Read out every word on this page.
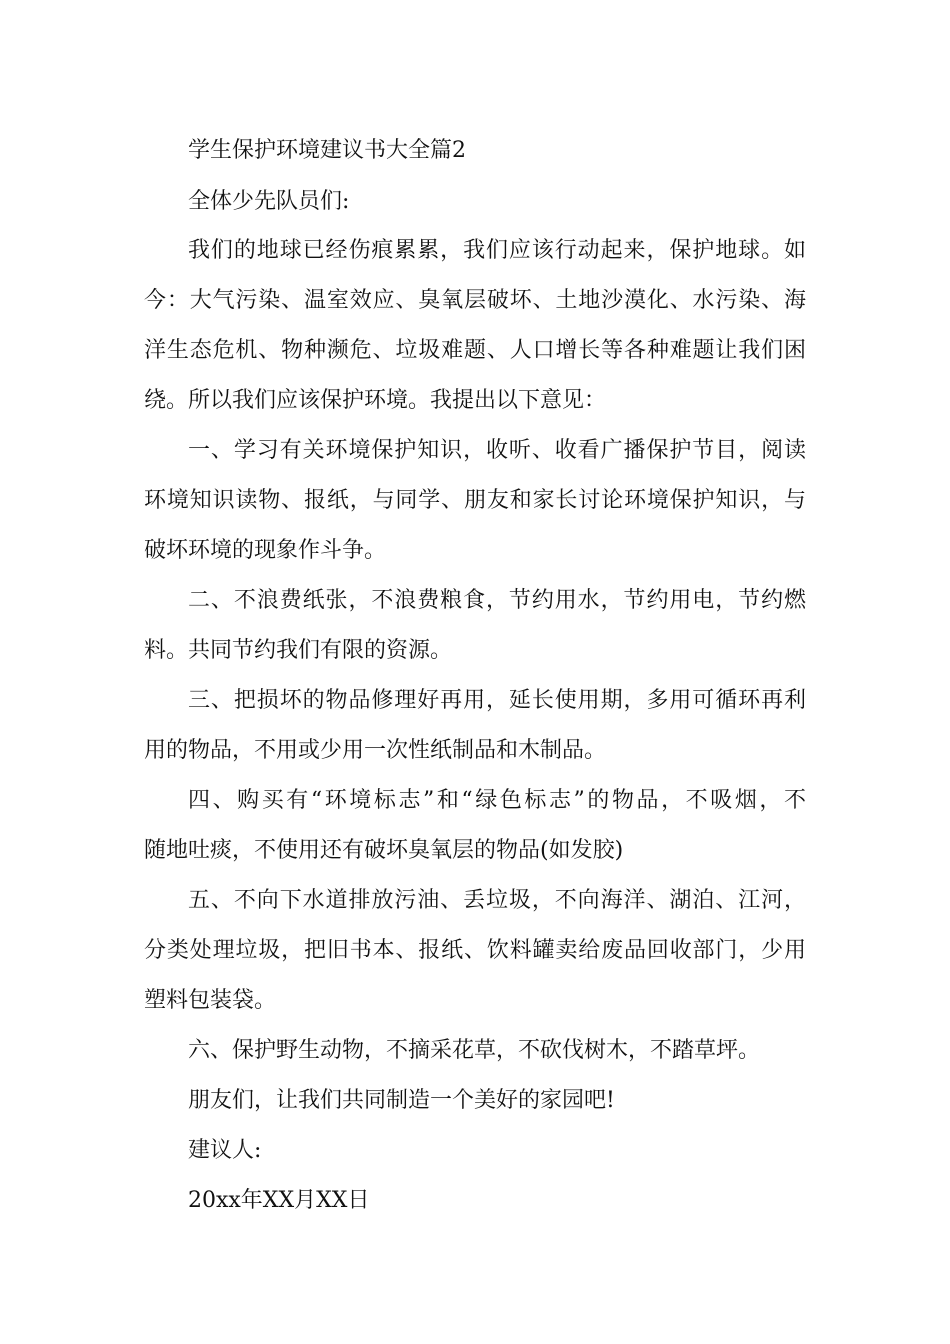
学生保护环境建议书大全篇2
全体少先队员们:
我们的地球已经伤痕累累，我们应该行动起来，保护地球。如
今：大气污染、温室效应、臭氧层破坏、土地沙漠化、水污染、海
洋生态危机、物种濒危、垃圾难题、人口增长等各种难题让我们困
绕。所以我们应该保护环境。我提出以下意见：
一、学习有关环境保护知识，收听、收看广播保护节目，阅读
环境知识读物、报纸，与同学、朋友和家长讨论环境保护知识，与
破坏环境的现象作斗争。
二、不浪费纸张，不浪费粮食，节约用水，节约用电，节约燃
料。共同节约我们有限的资源。
三、把损坏的物品修理好再用，延长使用期，多用可循环再利
用的物品，不用或少用一次性纸制品和木制品。
四、购买有“环境标志”和“绿色标志”的物品，不吸烟，不
随地吐痰，不使用还有破坏臭氧层的物品(如发胶)
五、不向下水道排放污油、丢垃圾，不向海洋、湖泊、江河，
分类处理垃圾，把旧书本、报纸、饮料罐卖给废品回收部门，少用
塑料包装袋。
六、保护野生动物，不摘采花草，不砍伐树木，不踏草坪。
朋友们，让我们共同制造一个美好的家园吧!
建议人:
20xx年XX月XX日
